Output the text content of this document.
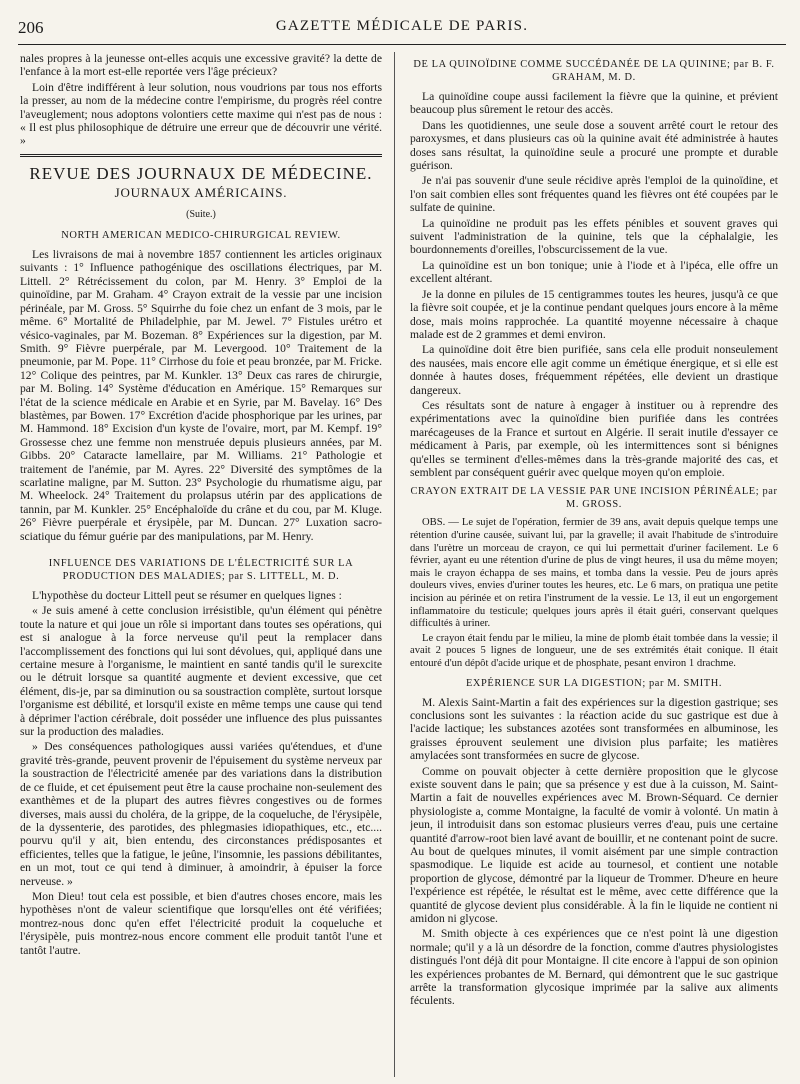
206	GAZETTE MÉDICALE DE PARIS.

nales propres à la jeunesse ont-elles acquis une excessive gravité? la dette de l'enfance à la mort est-elle reportée vers l'âge précieux?

Loin d'être indifférent à leur solution, nous voudrions par tous nos efforts la presser, au nom de la médecine contre l'empirisme, du progrès réel contre l'aveuglement; nous adoptons volontiers cette maxime qui n'est pas de nous : « Il est plus philosophique de détruire une erreur que de découvrir une vérité. »

REVUE DES JOURNAUX DE MÉDECINE.
JOURNAUX AMÉRICAINS.
(Suite.)
NORTH AMERICAN MEDICO-CHIRURGICAL REVIEW.

Les livraisons de mai à novembre 1857 contiennent les articles originaux suivants : 1° Influence pathogénique des oscillations électriques, par M. Littell. 2° Rétrécissement du colon, par M. Henry. 3° Emploi de la quinoïdine, par M. Graham. 4° Crayon extrait de la vessie par une incision périnéale, par M. Gross. 5° Squirrhe du foie chez un enfant de 3 mois, par le même. 6° Mortalité de Philadelphie, par M. Jewel. 7° Fistules urétro et vésico-vaginales, par M. Bozeman. 8° Expériences sur la digestion, par M. Smith. 9° Fièvre puerpérale, par M. Levergood. 10° Traitement de la pneumonie, par M. Pope. 11° Cirrhose du foie et peau bronzée, par M. Fricke. 12° Colique des peintres, par M. Kunkler. 13° Deux cas rares de chirurgie, par M. Boling. 14° Système d'éducation en Amérique. 15° Remarques sur l'état de la science médicale en Arabie et en Syrie, par M. Bavelay. 16° Des blastèmes, par Bowen. 17° Excrétion d'acide phosphorique par les urines, par M. Hammond. 18° Excision d'un kyste de l'ovaire, mort, par M. Kempf. 19° Grossesse chez une femme non menstruée depuis plusieurs années, par M. Gibbs. 20° Cataracte lamellaire, par M. Williams. 21° Pathologie et traitement de l'anémie, par M. Ayres. 22° Diversité des symptômes de la scarlatine maligne, par M. Sutton. 23° Psychologie du rhumatisme aigu, par M. Wheelock. 24° Traitement du prolapsus utérin par des applications de tannin, par M. Kunkler. 25° Encéphaloïde du crâne et du cou, par M. Kluge. 26° Fièvre puerpérale et érysipèle, par M. Duncan. 27° Luxation sacro-sciatique du fémur guérie par des manipulations, par M. Henry.

INFLUENCE DES VARIATIONS DE L'ÉLECTRICITÉ SUR LA PRODUCTION DES MALADIES; par S. LITTELL, M. D.

L'hypothèse du docteur Littell peut se résumer en quelques lignes :

« Je suis amené à cette conclusion irrésistible, qu'un élément qui pénètre toute la nature et qui joue un rôle si important dans toutes ses opérations, qui est si analogue à la force nerveuse qu'il peut la remplacer dans l'accomplissement des fonctions qui lui sont dévolues, qui, appliqué dans une certaine mesure à l'organisme, le maintient en santé tandis qu'il le surexcite ou le détruit lorsque sa quantité augmente et devient excessive, que cet élément, dis-je, par sa diminution ou sa soustraction complète, surtout lorsque l'organisme est débilité, et lorsqu'il existe en même temps une cause qui tend à déprimer l'action cérébrale, doit posséder une influence des plus puissantes sur la production des maladies.

» Des conséquences pathologiques aussi variées qu'étendues, et d'une gravité très-grande, peuvent provenir de l'épuisement du système nerveux par la soustraction de l'électricité amenée par des variations dans la distribution de ce fluide, et cet épuisement peut être la cause prochaine non-seulement des exanthèmes et de la plupart des autres fièvres congestives ou de formes diverses, mais aussi du choléra, de la grippe, de la coqueluche, de l'érysipèle, de la dyssenterie, des parotides, des phlegmasies idiopathiques, etc., etc.... pourvu qu'il y ait, bien entendu, des circonstances prédisposantes et efficientes, telles que la fatigue, le jeûne, l'insomnie, les passions débilitantes, en un mot, tout ce qui tend à diminuer, à amoindrir, à épuiser la force nerveuse. »

Mon Dieu! tout cela est possible, et bien d'autres choses encore, mais les hypothèses n'ont de valeur scientifique que lorsqu'elles ont été vérifiées; montrez-nous donc qu'en effet l'électricité produit la coqueluche et l'érysipèle, puis montrez-nous encore comment elle produit tantôt l'une et tantôt l'autre.

DE LA QUINOÏDINE COMME SUCCÉDANÉE DE LA QUININE; par B. F. GRAHAM, M. D.

La quinoïdine coupe aussi facilement la fièvre que la quinine, et prévient beaucoup plus sûrement le retour des accès.

Dans les quotidiennes, une seule dose a souvent arrêté court le retour des paroxysmes, et dans plusieurs cas où la quinine avait été administrée à hautes doses sans résultat, la quinoïdine seule a procuré une prompte et durable guérison.

Je n'ai pas souvenir d'une seule récidive après l'emploi de la quinoïdine, et l'on sait combien elles sont fréquentes quand les fièvres ont été coupées par le sulfate de quinine.

La quinoïdine ne produit pas les effets pénibles et souvent graves qui suivent l'administration de la quinine, tels que la céphalalgie, les bourdonnements d'oreilles, l'obscurcissement de la vue.

La quinoïdine est un bon tonique; unie à l'iode et à l'ipéca, elle offre un excellent altérant.

Je la donne en pilules de 15 centigrammes toutes les heures, jusqu'à ce que la fièvre soit coupée, et je la continue pendant quelques jours encore à la même dose, mais moins rapprochée. La quantité moyenne nécessaire à chaque malade est de 2 grammes et demi environ.

La quinoïdine doit être bien purifiée, sans cela elle produit nonseulement des nausées, mais encore elle agit comme un émétique énergique, et si elle est donnée à hautes doses, fréquemment répétées, elle devient un drastique dangereux.

Ces résultats sont de nature à engager à instituer ou à reprendre des expérimentations avec la quinoïdine bien purifiée dans les contrées marécageuses de la France et surtout en Algérie. Il serait inutile d'essayer ce médicament à Paris, par exemple, où les intermittences sont si bénignes qu'elles se terminent d'elles-mêmes dans la très-grande majorité des cas, et semblent par conséquent guérir avec quelque moyen qu'on emploie.

CRAYON EXTRAIT DE LA VESSIE PAR UNE INCISION PÉRINÉALE; par M. GROSS.

OBS. — Le sujet de l'opération, fermier de 39 ans, avait depuis quelque temps une rétention d'urine causée, suivant lui, par la gravelle; il avait l'habitude de s'introduire dans l'urètre un morceau de crayon, ce qui lui permettait d'uriner facilement. Le 6 février, ayant eu une rétention d'urine de plus de vingt heures, il usa du même moyen; mais le crayon échappa de ses mains, et tomba dans la vessie. Peu de jours après douleurs vives, envies d'uriner toutes les heures, etc. Le 6 mars, on pratiqua une petite incision au périnée et on retira l'instrument de la vessie. Le 13, il eut un engorgement inflammatoire du testicule; quelques jours après il était guéri, conservant quelques difficultés à uriner.

Le crayon était fendu par le milieu, la mine de plomb était tombée dans la vessie; il avait 2 pouces 5 lignes de longueur, une de ses extrémités était conique. Il était entouré d'un dépôt d'acide urique et de phosphate, pesant environ 1 drachme.

EXPÉRIENCE SUR LA DIGESTION; par M. SMITH.

M. Alexis Saint-Martin a fait des expériences sur la digestion gastrique; ses conclusions sont les suivantes : la réaction acide du suc gastrique est due à l'acide lactique; les substances azotées sont transformées en albuminose, les graisses éprouvent seulement une division plus parfaite; les matières amylacées sont transformées en sucre de glycose.

Comme on pouvait objecter à cette dernière proposition que le glycose existe souvent dans le pain; que sa présence y est due à la cuisson, M. Saint-Martin a fait de nouvelles expériences avec M. Brown-Séquard. Ce dernier physiologiste a, comme Montaigne, la faculté de vomir à volonté. Un matin à jeun, il introduisit dans son estomac plusieurs verres d'eau, puis une certaine quantité d'arrow-root bien lavé avant de bouillir, et ne contenant point de sucre. Au bout de quelques minutes, il vomit aisément par une simple contraction spasmodique. Le liquide est acide au tournesol, et contient une notable proportion de glycose, démontré par la liqueur de Trommer. D'heure en heure l'expérience est répétée, le résultat est le même, avec cette différence que la quantité de glycose devient plus considérable. À la fin le liquide ne contient ni amidon ni glycose.

M. Smith objecte à ces expériences que ce n'est point là une digestion normale; qu'il y a là un désordre de la fonction, comme d'autres physiologistes distingués l'ont déjà dit pour Montaigne. Il cite encore à l'appui de son opinion les expériences probantes de M. Bernard, qui démontrent que le suc gastrique arrête la transformation glycosique imprimée par la salive aux aliments féculents.
